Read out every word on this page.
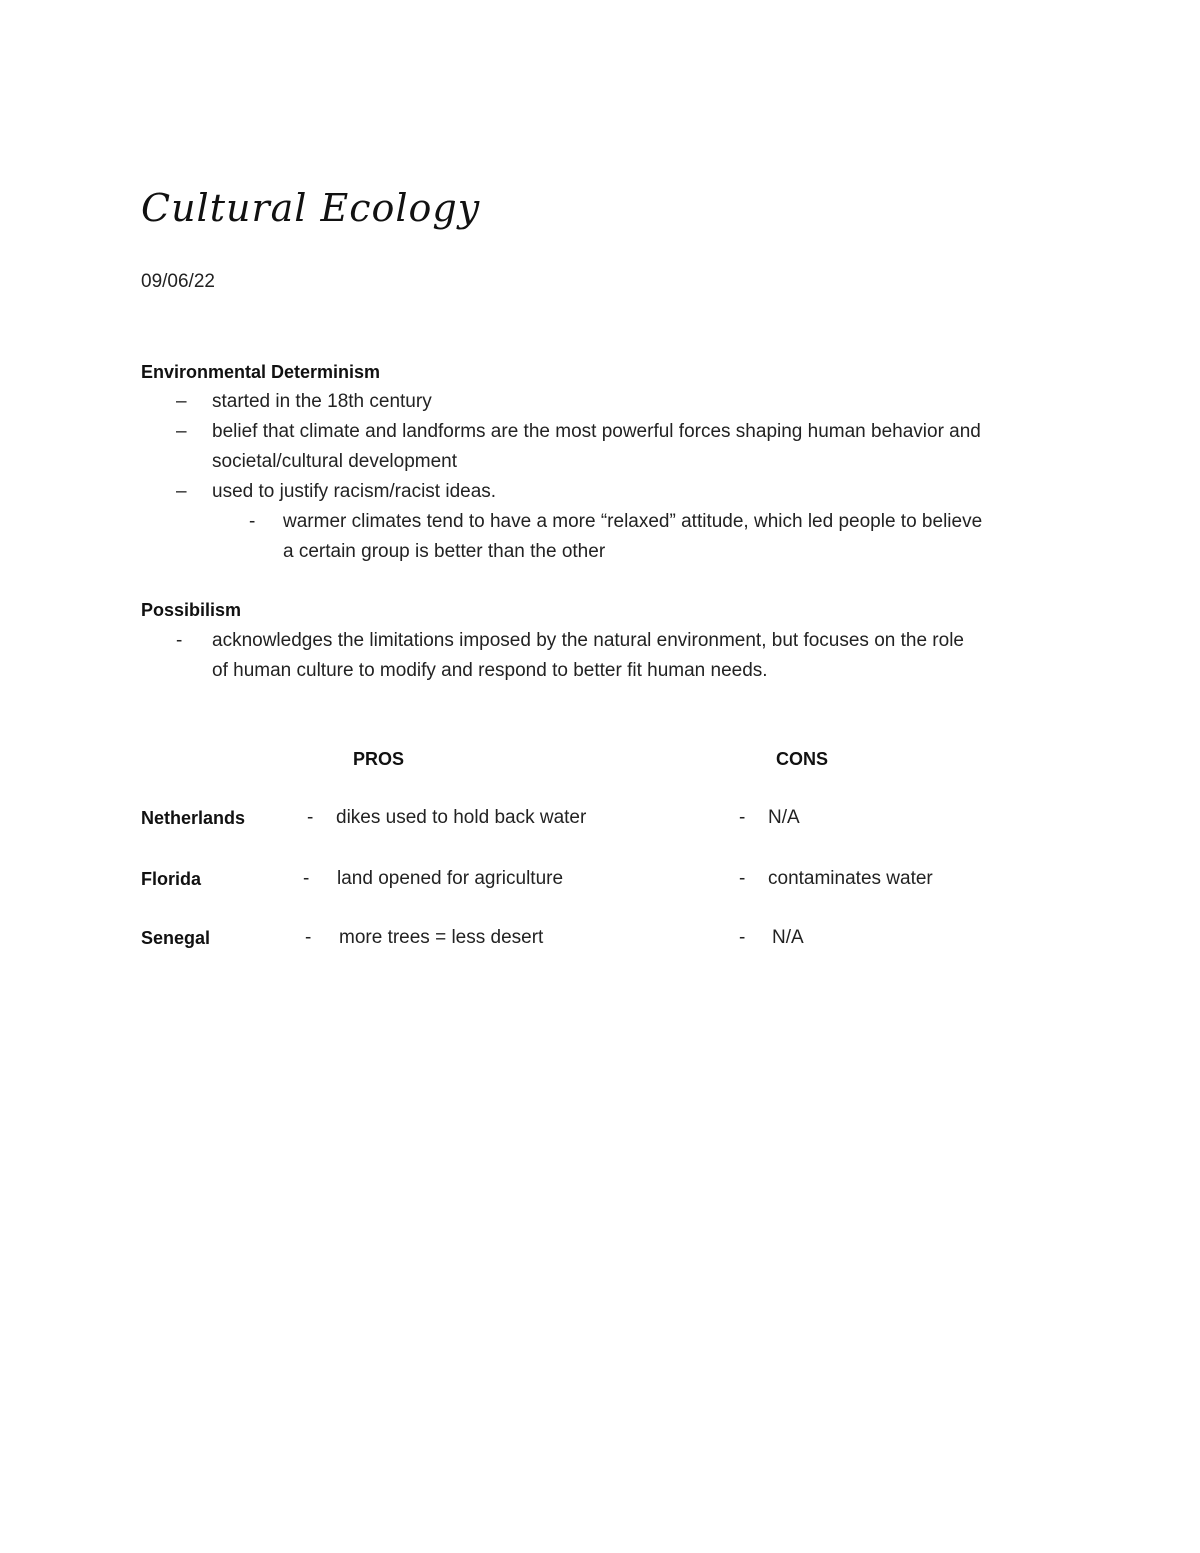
Cultural Ecology
09/06/22
Environmental Determinism
– started in the 18th century
– belief that climate and landforms are the most powerful forces shaping human behavior and
societal/cultural development
– used to justify racism/racist ideas.
- warmer climates tend to have a more “relaxed” attitude, which led people to believe
a certain group is better than the other
Possibilism
- acknowledges the limitations imposed by the natural environment, but focuses on the role
of human culture to modify and respond to better fit human needs.
PROS	CONS
Netherlands	- dikes used to hold back water	- N/A
Florida	- land opened for agriculture	- contaminates water
Senegal	- more trees = less desert	- N/A
